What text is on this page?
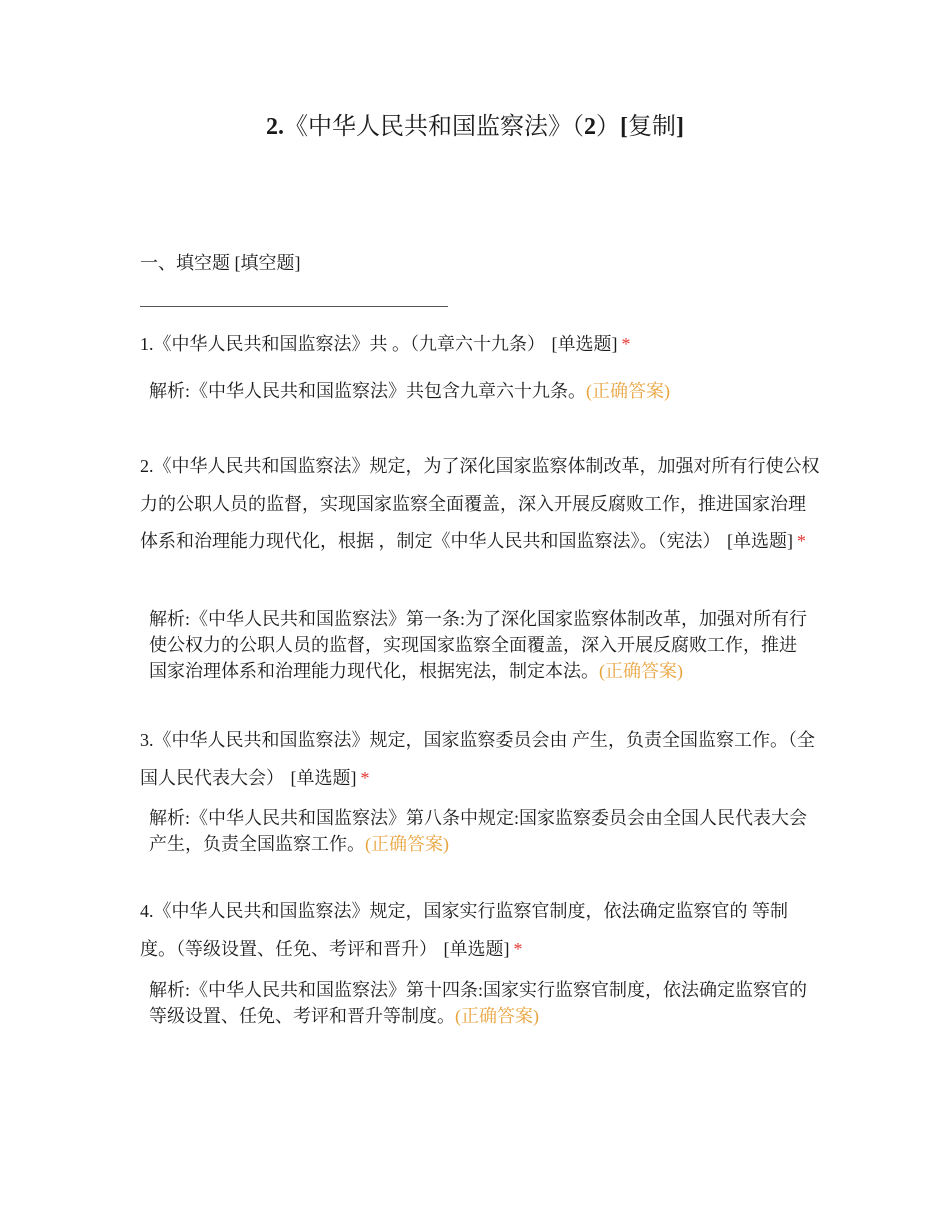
2.《中华人民共和国监察法》（2）[复制]
一、填空题 [填空题]
1.《中华人民共和国监察法》共 。（九章六十九条） [单选题] *
解析:《中华人民共和国监察法》共包含九章六十九条。(正确答案)
2.《中华人民共和国监察法》规定，为了深化国家监察体制改革，加强对所有行使公权力的公职人员的监督，实现国家监察全面覆盖，深入开展反腐败工作，推进国家治理体系和治理能力现代化，根据 ，制定《中华人民共和国监察法》。（宪法） [单选题] *
解析:《中华人民共和国监察法》第一条:为了深化国家监察体制改革，加强对所有行使公权力的公职人员的监督，实现国家监察全面覆盖，深入开展反腐败工作，推进国家治理体系和治理能力现代化，根据宪法，制定本法。(正确答案)
3.《中华人民共和国监察法》规定，国家监察委员会由 产生，负责全国监察工作。（全国人民代表大会） [单选题] *
解析:《中华人民共和国监察法》第八条中规定:国家监察委员会由全国人民代表大会产生，负责全国监察工作。(正确答案)
4.《中华人民共和国监察法》规定，国家实行监察官制度，依法确定监察官的 等制度。（等级设置、任免、考评和晋升） [单选题] *
解析:《中华人民共和国监察法》第十四条:国家实行监察官制度，依法确定监察官的等级设置、任免、考评和晋升等制度。(正确答案)
